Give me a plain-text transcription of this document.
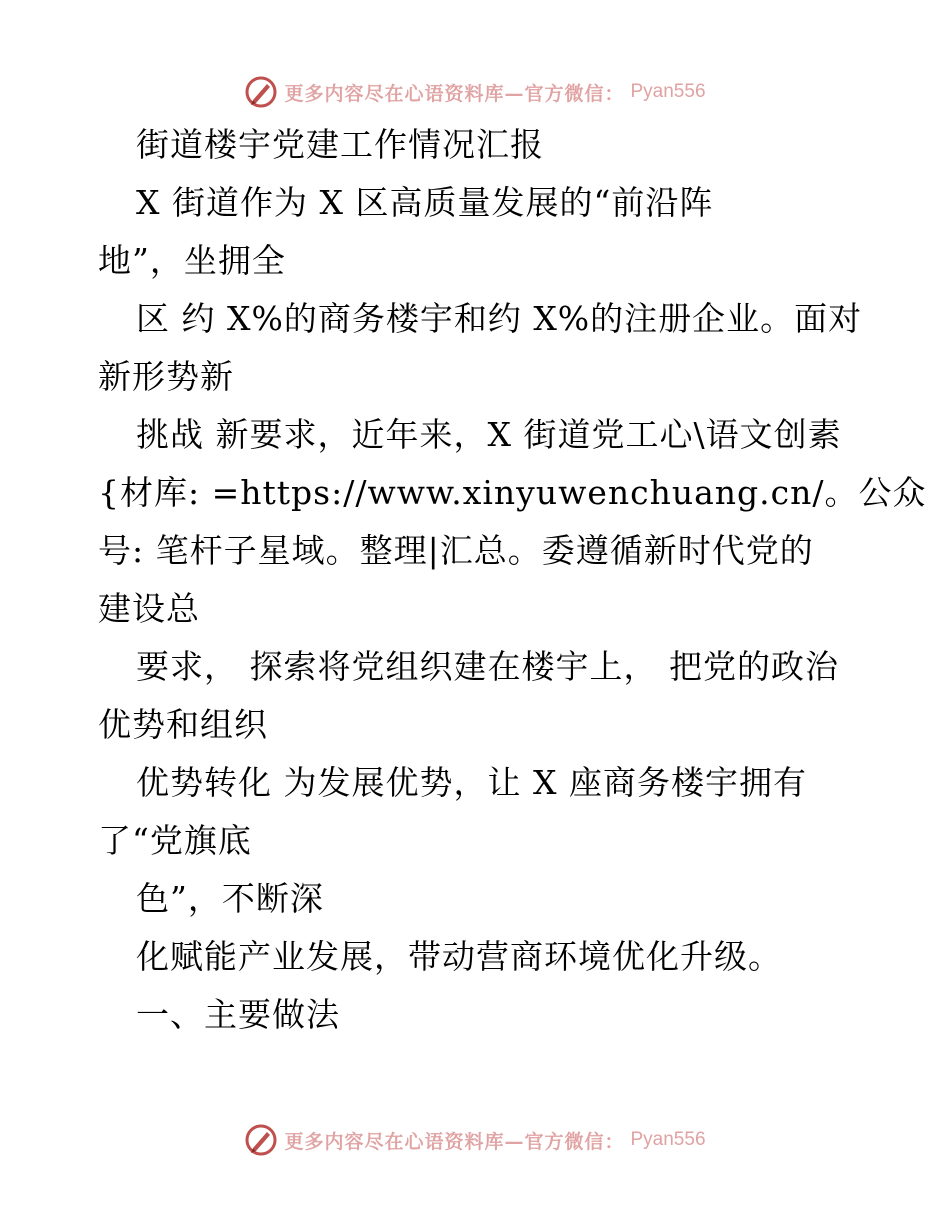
更多内容尽在心语资料库—官方微信： Pyan556
街道楼宇党建工作情况汇报
X 街道作为 X 区高质量发展的“前沿阵
地”，坐拥全
区 约 X%的商务楼宇和约 X%的注册企业。面对
新形势新
挑战 新要求，近年来，X 街道党工心\语文创素
{材库: =https://www.xinyuwenchuang.cn/。公众
号: 笔杆子星域。整理|汇总。委遵循新时代党的
建设总
要求， 探索将党组织建在楼宇上， 把党的政治
优势和组织
优势转化 为发展优势，让 X 座商务楼宇拥有
了“党旗底
色”，不断深
化赋能产业发展，带动营商环境优化升级。
一、主要做法
更多内容尽在心语资料库—官方微信： Pyan556
